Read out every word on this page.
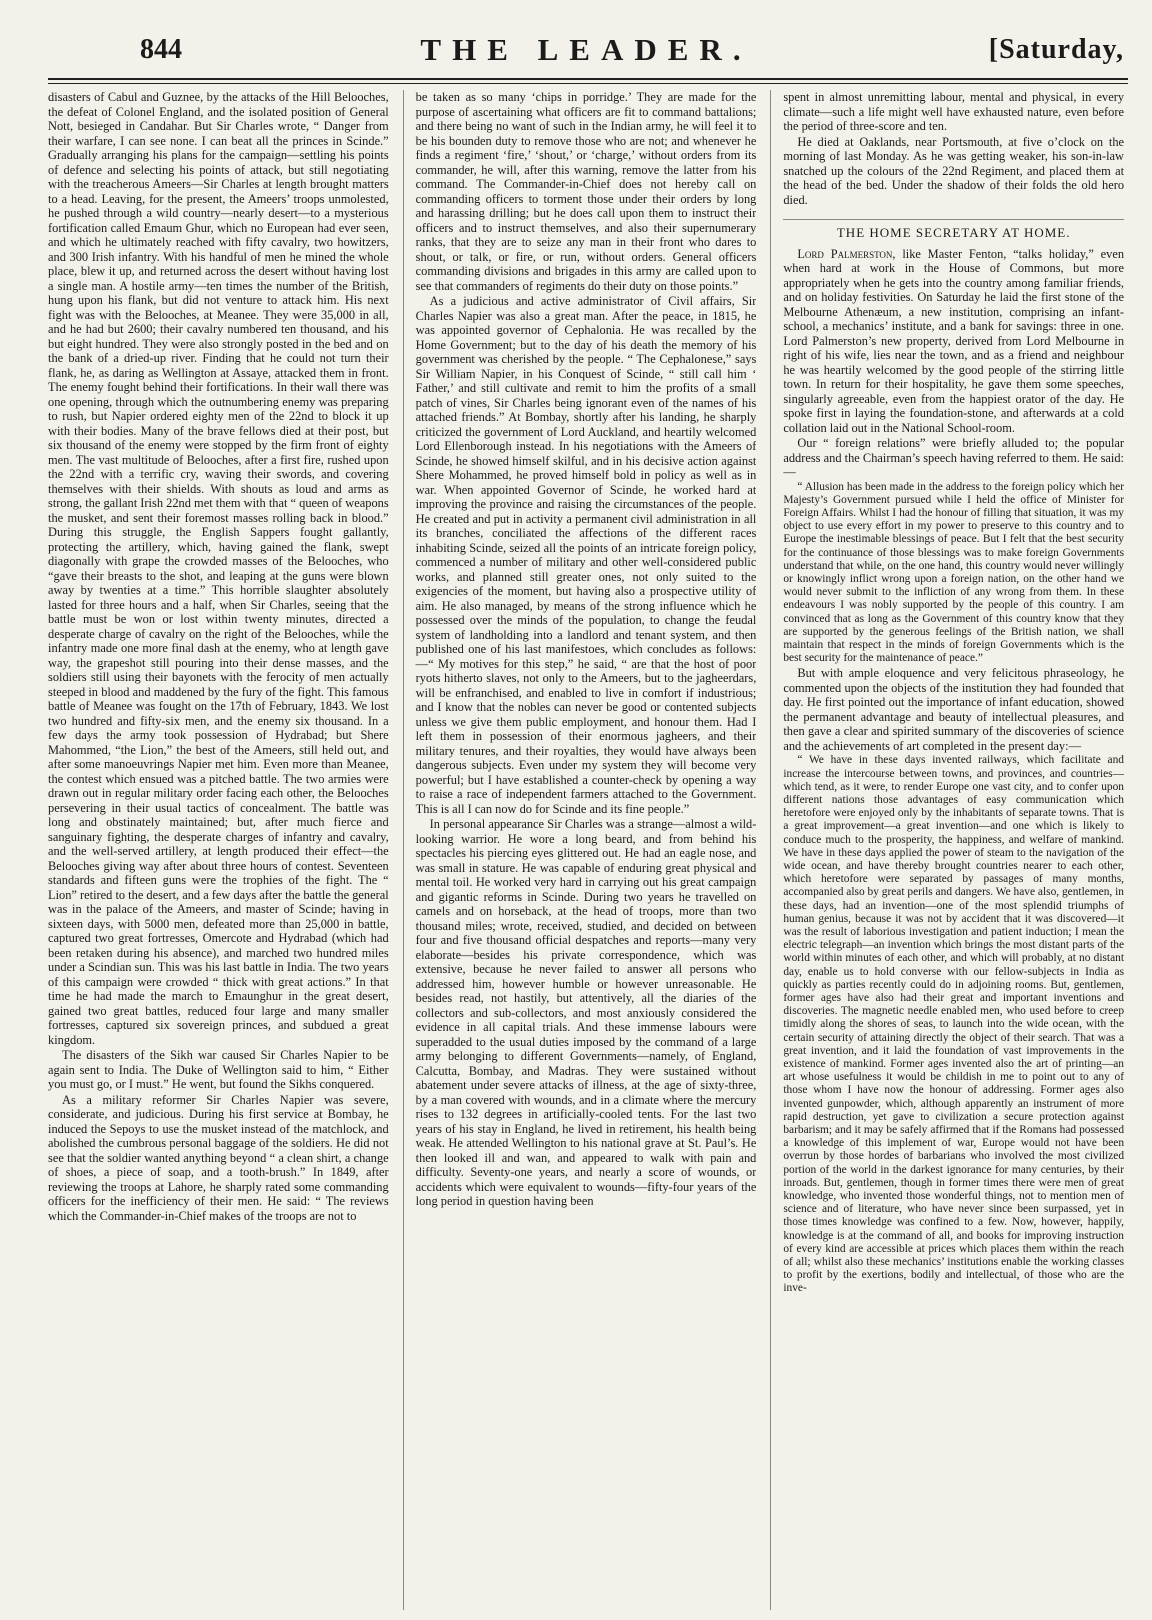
844	THE LEADER.	[Saturday,

disasters of Cabul and Guznee, by the attacks of the Hill Belooches, the defeat of Colonel England, and the isolated position of General Nott, besieged in Candahar. But Sir Charles wrote, “ Danger from their warfare, I can see none. I can beat all the princes in Scinde.” Gradually arranging his plans for the campaign—settling his points of defence and selecting his points of attack, but still negotiating with the treacherous Ameers—Sir Charles at length brought matters to a head. Leaving, for the present, the Ameers’ troops unmolested, he pushed through a wild country—nearly desert—to a mysterious fortification called Emaum Ghur, which no European had ever seen, and which he ultimately reached with fifty cavalry, two howitzers, and 300 Irish infantry. With his handful of men he mined the whole place, blew it up, and returned across the desert without having lost a single man. A hostile army—ten times the number of the British, hung upon his flank, but did not venture to attack him. His next fight was with the Belooches, at Meanee. They were 35,000 in all, and he had but 2600; their cavalry numbered ten thousand, and his but eight hundred. They were also strongly posted in the bed and on the bank of a dried-up river. Finding that he could not turn their flank, he, as daring as Wellington at Assaye, attacked them in front. The enemy fought behind their fortifications. In their wall there was one opening, through which the outnumbering enemy was preparing to rush, but Napier ordered eighty men of the 22nd to block it up with their bodies. Many of the brave fellows died at their post, but six thousand of the enemy were stopped by the firm front of eighty men. The vast multitude of Belooches, after a first fire, rushed upon the 22nd with a terrific cry, waving their swords, and covering themselves with their shields. With shouts as loud and arms as strong, the gallant Irish 22nd met them with that “ queen of weapons the musket, and sent their foremost masses rolling back in blood.” During this struggle, the English Sappers fought gallantly, protecting the artillery, which, having gained the flank, swept diagonally with grape the crowded masses of the Belooches, who “gave their breasts to the shot, and leaping at the guns were blown away by twenties at a time.” This horrible slaughter absolutely lasted for three hours and a half, when Sir Charles, seeing that the battle must be won or lost within twenty minutes, directed a desperate charge of cavalry on the right of the Belooches, while the infantry made one more final dash at the enemy, who at length gave way, the grapeshot still pouring into their dense masses, and the soldiers still using their bayonets with the ferocity of men actually steeped in blood and maddened by the fury of the fight. This famous battle of Meanee was fought on the 17th of February, 1843. We lost two hundred and fifty-six men, and the enemy six thousand. In a few days the army took possession of Hydrabad; but Shere Mahommed, “the Lion,” the best of the Ameers, still held out, and after some manoeuvrings Napier met him. Even more than Meanee, the contest which ensued was a pitched battle. The two armies were drawn out in regular military order facing each other, the Belooches persevering in their usual tactics of concealment. The battle was long and obstinately maintained; but, after much fierce and sanguinary fighting, the desperate charges of infantry and cavalry, and the well-served artillery, at length produced their effect—the Belooches giving way after about three hours of contest. Seventeen standards and fifteen guns were the trophies of the fight. The “ Lion” retired to the desert, and a few days after the battle the general was in the palace of the Ameers, and master of Scinde; having in sixteen days, with 5000 men, defeated more than 25,000 in battle, captured two great fortresses, Omercote and Hydrabad (which had been retaken during his absence), and marched two hundred miles under a Scindian sun. This was his last battle in India. The two years of this campaign were crowded “ thick with great actions.” In that time he had made the march to Emaunghur in the great desert, gained two great battles, reduced four large and many smaller fortresses, captured six sovereign princes, and subdued a great kingdom.

The disasters of the Sikh war caused Sir Charles Napier to be again sent to India. The Duke of Wellington said to him, “ Either you must go, or I must.” He went, but found the Sikhs conquered.

As a military reformer Sir Charles Napier was severe, considerate, and judicious. During his first service at Bombay, he induced the Sepoys to use the musket instead of the matchlock, and abolished the cumbrous personal baggage of the soldiers. He did not see that the soldier wanted anything beyond “ a clean shirt, a change of shoes, a piece of soap, and a tooth-brush.” In 1849, after reviewing the troops at Lahore, he sharply rated some commanding officers for the inefficiency of their men. He said: “ The reviews which the Commander-in-Chief makes of the troops are not to

be taken as so many ‘chips in porridge.’ They are made for the purpose of ascertaining what officers are fit to command battalions; and there being no want of such in the Indian army, he will feel it to be his bounden duty to remove those who are not; and whenever he finds a regiment ‘fire,’ ‘shout,’ or ‘charge,’ without orders from its commander, he will, after this warning, remove the latter from his command. The Commander-in-Chief does not hereby call on commanding officers to torment those under their orders by long and harassing drilling; but he does call upon them to instruct their officers and to instruct themselves, and also their supernumerary ranks, that they are to seize any man in their front who dares to shout, or talk, or fire, or run, without orders. General officers commanding divisions and brigades in this army are called upon to see that commanders of regiments do their duty on those points.”

As a judicious and active administrator of Civil affairs, Sir Charles Napier was also a great man. After the peace, in 1815, he was appointed governor of Cephalonia. He was recalled by the Home Government; but to the day of his death the memory of his government was cherished by the people. “ The Cephalonese,” says Sir William Napier, in his Conquest of Scinde, “ still call him ‘ Father,’ and still cultivate and remit to him the profits of a small patch of vines, Sir Charles being ignorant even of the names of his attached friends.” At Bombay, shortly after his landing, he sharply criticized the government of Lord Auckland, and heartily welcomed Lord Ellenborough instead. In his negotiations with the Ameers of Scinde, he showed himself skilful, and in his decisive action against Shere Mohammed, he proved himself bold in policy as well as in war. When appointed Governor of Scinde, he worked hard at improving the province and raising the circumstances of the people. He created and put in activity a permanent civil administration in all its branches, conciliated the affections of the different races inhabiting Scinde, seized all the points of an intricate foreign policy, commenced a number of military and other well-considered public works, and planned still greater ones, not only suited to the exigencies of the moment, but having also a prospective utility of aim. He also managed, by means of the strong influence which he possessed over the minds of the population, to change the feudal system of landholding into a landlord and tenant system, and then published one of his last manifestoes, which concludes as follows:—“ My motives for this step,” he said, “ are that the host of poor ryots hitherto slaves, not only to the Ameers, but to the jagheerdars, will be enfranchised, and enabled to live in comfort if industrious; and I know that the nobles can never be good or contented subjects unless we give them public employment, and honour them. Had I left them in possession of their enormous jagheers, and their military tenures, and their royalties, they would have always been dangerous subjects. Even under my system they will become very powerful; but I have established a counter-check by opening a way to raise a race of independent farmers attached to the Government. This is all I can now do for Scinde and its fine people.”

In personal appearance Sir Charles was a strange—almost a wild-looking warrior. He wore a long beard, and from behind his spectacles his piercing eyes glittered out. He had an eagle nose, and was small in stature. He was capable of enduring great physical and mental toil. He worked very hard in carrying out his great campaign and gigantic reforms in Scinde. During two years he travelled on camels and on horseback, at the head of troops, more than two thousand miles; wrote, received, studied, and decided on between four and five thousand official despatches and reports—many very elaborate—besides his private correspondence, which was extensive, because he never failed to answer all persons who addressed him, however humble or however unreasonable. He besides read, not hastily, but attentively, all the diaries of the collectors and sub-collectors, and most anxiously considered the evidence in all capital trials. And these immense labours were superadded to the usual duties imposed by the command of a large army belonging to different Governments—namely, of England, Calcutta, Bombay, and Madras. They were sustained without abatement under severe attacks of illness, at the age of sixty-three, by a man covered with wounds, and in a climate where the mercury rises to 132 degrees in artificially-cooled tents. For the last two years of his stay in England, he lived in retirement, his health being weak. He attended Wellington to his national grave at St. Paul’s. He then looked ill and wan, and appeared to walk with pain and difficulty. Seventy-one years, and nearly a score of wounds, or accidents which were equivalent to wounds—fifty-four years of the long period in question having been

spent in almost unremitting labour, mental and physical, in every climate—such a life might well have exhausted nature, even before the period of three-score and ten.

He died at Oaklands, near Portsmouth, at five o’clock on the morning of last Monday. As he was getting weaker, his son-in-law snatched up the colours of the 22nd Regiment, and placed them at the head of the bed. Under the shadow of their folds the old hero died.

THE HOME SECRETARY AT HOME.

Lord Palmerston, like Master Fenton, “talks holiday,” even when hard at work in the House of Commons, but more appropriately when he gets into the country among familiar friends, and on holiday festivities. On Saturday he laid the first stone of the Melbourne Athenæum, a new institution, comprising an infant-school, a mechanics’ institute, and a bank for savings: three in one. Lord Palmerston’s new property, derived from Lord Melbourne in right of his wife, lies near the town, and as a friend and neighbour he was heartily welcomed by the good people of the stirring little town. In return for their hospitality, he gave them some speeches, singularly agreeable, even from the happiest orator of the day. He spoke first in laying the foundation-stone, and afterwards at a cold collation laid out in the National School-room.

Our “ foreign relations” were briefly alluded to; the popular address and the Chairman’s speech having referred to them. He said:—

“ Allusion has been made in the address to the foreign policy which her Majesty’s Government pursued while I held the office of Minister for Foreign Affairs. Whilst I had the honour of filling that situation, it was my object to use every effort in my power to preserve to this country and to Europe the inestimable blessings of peace. But I felt that the best security for the continuance of those blessings was to make foreign Governments understand that while, on the one hand, this country would never willingly or knowingly inflict wrong upon a foreign nation, on the other hand we would never submit to the infliction of any wrong from them. In these endeavours I was nobly supported by the people of this country. I am convinced that as long as the Government of this country know that they are supported by the generous feelings of the British nation, we shall maintain that respect in the minds of foreign Governments which is the best security for the maintenance of peace.”

But with ample eloquence and very felicitous phraseology, he commented upon the objects of the institution they had founded that day. He first pointed out the importance of infant education, showed the permanent advantage and beauty of intellectual pleasures, and then gave a clear and spirited summary of the discoveries of science and the achievements of art completed in the present day:—

“ We have in these days invented railways, which facilitate and increase the intercourse between towns, and provinces, and countries—which tend, as it were, to render Europe one vast city, and to confer upon different nations those advantages of easy communication which heretofore were enjoyed only by the inhabitants of separate towns. That is a great improvement—a great invention—and one which is likely to conduce much to the prosperity, the happiness, and welfare of mankind. We have in these days applied the power of steam to the navigation of the wide ocean, and have thereby brought countries nearer to each other, which heretofore were separated by passages of many months, accompanied also by great perils and dangers. We have also, gentlemen, in these days, had an invention—one of the most splendid triumphs of human genius, because it was not by accident that it was discovered—it was the result of laborious investigation and patient induction; I mean the electric telegraph—an invention which brings the most distant parts of the world within minutes of each other, and which will probably, at no distant day, enable us to hold converse with our fellow-subjects in India as quickly as parties recently could do in adjoining rooms. But, gentlemen, former ages have also had their great and important inventions and discoveries. The magnetic needle enabled men, who used before to creep timidly along the shores of seas, to launch into the wide ocean, with the certain security of attaining directly the object of their search. That was a great invention, and it laid the foundation of vast improvements in the existence of mankind. Former ages invented also the art of printing—an art whose usefulness it would be childish in me to point out to any of those whom I have now the honour of addressing. Former ages also invented gunpowder, which, although apparently an instrument of more rapid destruction, yet gave to civilization a secure protection against barbarism; and it may be safely affirmed that if the Romans had possessed a knowledge of this implement of war, Europe would not have been overrun by those hordes of barbarians who involved the most civilized portion of the world in the darkest ignorance for many centuries, by their inroads. But, gentlemen, though in former times there were men of great knowledge, who invented those wonderful things, not to mention men of science and of literature, who have never since been surpassed, yet in those times knowledge was confined to a few. Now, however, happily, knowledge is at the command of all, and books for improving instruction of every kind are accessible at prices which places them within the reach of all; whilst also these mechanics’ institutions enable the working classes to profit by the exertions, bodily and intellectual, of those who are the inve-
